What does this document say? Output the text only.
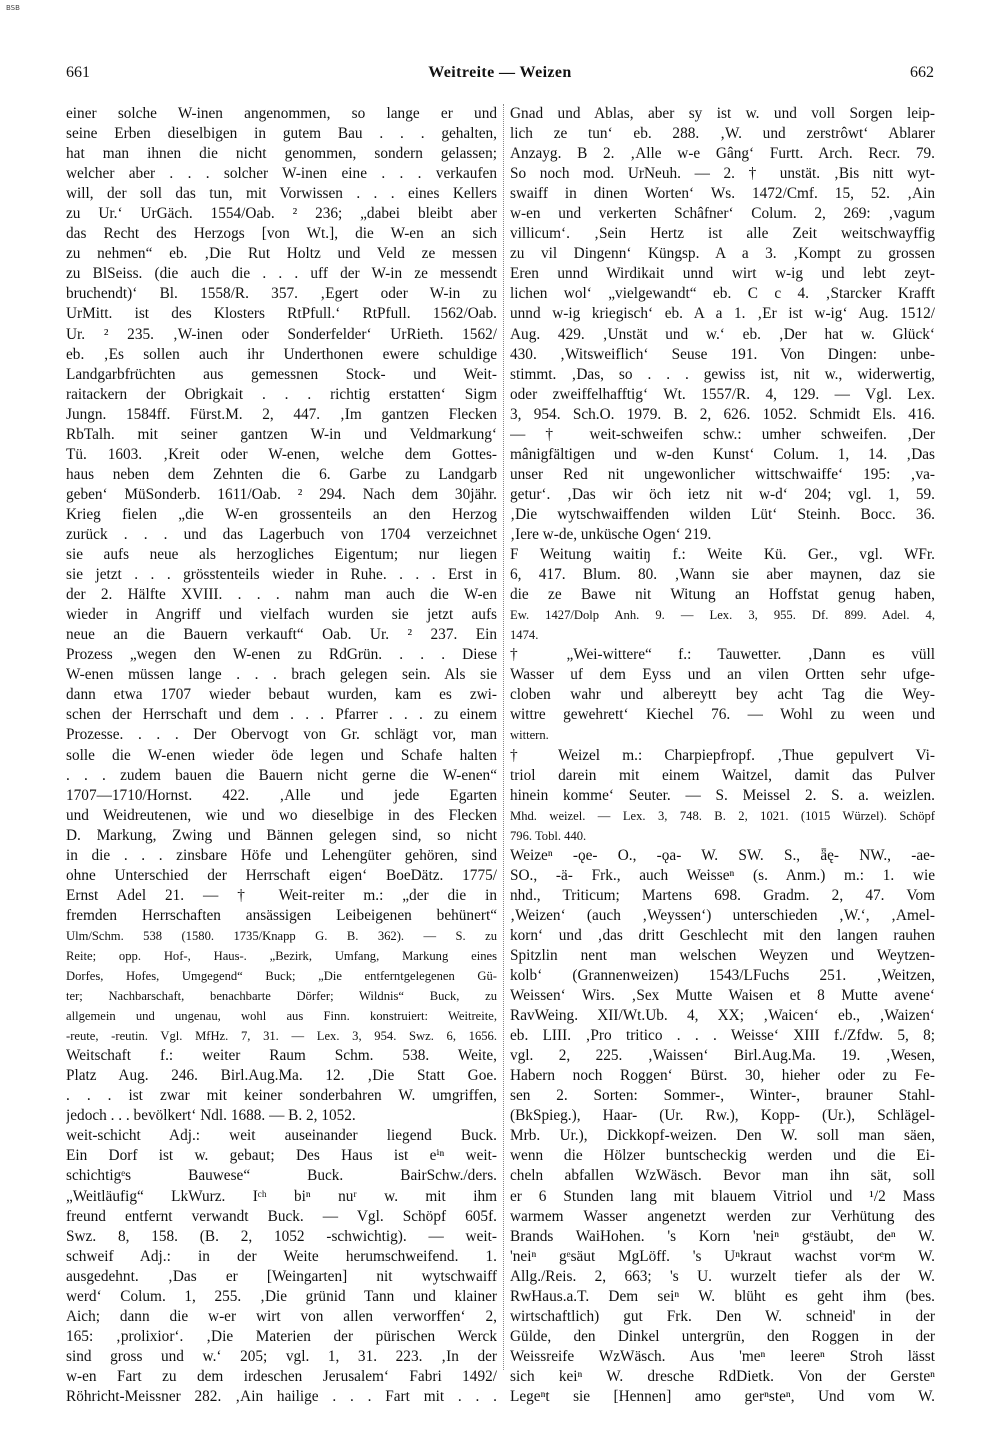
BSB
661	Weitreite — Weizen	662
einer solche W-inen angenommen, so lange er und
seine Erben dieselbigen in gutem Bau . . . gehalten,
hat man ihnen die nicht genommen, sondern gelassen;
welcher aber . . . solcher W-inen eine . . . verkaufen
will, der soll das tun, mit Vorwissen . . . eines Kellers
zu Ur.‘ UrGäch. 1554/Oab. ² 236; „dabei bleibt aber
das Recht des Herzogs [von Wt.], die W-en an sich
zu nehmen“ eb. ‚Die Rut Holtz und Veld ze messen
zu BlSeiss. (die auch die . . . uff der W-in ze messendt
bruchendt)‘ Bl. 1558/R. 357. ‚Egert oder W-in zu
UrMitt. ist des Klosters RtPfull.‘ RtPfull. 1562/Oab.
Ur. ² 235. ‚W-inen oder Sonderfelder‘ UrRieth. 1562/
eb. ‚Es sollen auch ihr Underthonen ewere schuldige
Landgarbfrüchten aus gemessnen Stock- und Weit-
raitackern der Obrigkait . . . richtig erstatten‘ Sigm
Jungn. 1584ff. Fürst.M. 2, 447. ‚Im gantzen Flecken
RbTalh. mit seiner gantzen W-in und Veldmarkung‘
Tü. 1603. ‚Kreit oder W-enen, welche dem Gottes-
haus neben dem Zehnten die 6. Garbe zu Landgarb
geben‘ MüSonderb. 1611/Oab. ² 294. Nach dem 30jähr.
Krieg fielen „die W-en grossenteils an den Herzog
zurück . . . und das Lagerbuch von 1704 verzeichnet
sie aufs neue als herzogliches Eigentum; nur liegen
sie jetzt . . . grösstenteils wieder in Ruhe. . . . Erst in
der 2. Hälfte XVIII. . . . nahm man auch die W-en
wieder in Angriff und vielfach wurden sie jetzt aufs
neue an die Bauern verkauft“ Oab. Ur. ² 237. Ein
Prozess „wegen den W-enen zu RdGrün. . . . Diese
W-enen müssen lange . . . brach gelegen sein. Als sie
dann etwa 1707 wieder bebaut wurden, kam es zwi-
schen der Herrschaft und dem . . . Pfarrer . . . zu einem
Prozesse. . . . Der Obervogt von Gr. schlägt vor, man
solle die W-enen wieder öde legen und Schafe halten
. . . zudem bauen die Bauern nicht gerne die W-enen“
1707—1710/Hornst. 422. ‚Alle und jede Egarten
und Weidreutenen, wie und wo dieselbige in des Flecken
D. Markung, Zwing und Bännen gelegen sind, so nicht
in die . . . zinsbare Höfe und Lehengüter gehören, sind
ohne Unterschied der Herrschaft eigen‘ BoeDätz. 1775/
Ernst Adel 21. — † Weit-reiter m.: „der die in
fremden Herrschaften ansässigen Leibeigenen behünert“
Ulm/Schm. 538 (1580. 1735/Knapp G. B. 362). — S. zu
Reite; opp. Hof-, Haus-. „Bezirk, Umfang, Markung eines
Dorfes, Hofes, Umgegend“ Buck; „Die entferntgelegenen Gü-
ter; Nachbarschaft, benachbarte Dörfer; Wildnis“ Buck, zu
allgemein und ungenau, wohl aus Finn. konstruiert: Weitreite,
-reute, -reutin. Vgl. MfHz. 7, 31. — Lex. 3, 954. Swz. 6, 1656.
Weitschaft f.: weiter Raum Schm. 538. Weite,
Platz Aug. 246. Birl.Aug.Ma. 12. ‚Die Statt Goe.
. . . ist zwar mit keiner sonderbahren W. umgriffen,
jedoch . . . bevölkert‘ Ndl. 1688. — B. 2, 1052.
weit-schicht Adj.: weit auseinander liegend Buck.
Ein Dorf ist w. gebaut; Des Haus ist eⁱⁿ weit-
schichtigᵉs Bauwese“ Buck. BairSchw./ders.
„Weitläufig“ LkWurz. Iᶜʰ biⁿ nuʳ w. mit ihm
freund entfernt verwandt Buck. — Vgl. Schöpf 605f.
Swz. 8, 158. (B. 2, 1052 -schwichtig). — weit-
schweif Adj.: in der Weite herumschweifend. 1.
ausgedehnt. ‚Das er [Weingarten] nit wytschwaiff
werd‘ Colum. 1, 255. ‚Die grünid Tann und klainer
Aich; dann die w-er wirt von allen verworffen‘ 2,
165: ‚prolixior‘. ‚Die Materien der pürischen Werck
sind gross und w.‘ 205; vgl. 1, 31. 223. ‚In der
w-en Fart zu dem irdeschen Jerusalem‘ Fabri 1492/
Röhricht-Meissner 282. ‚Ain hailige . . . Fart mit . . .
Gnad und Ablas, aber sy ist w. und voll Sorgen leip-
lich ze tun‘ eb. 288. ‚W. und zerstrôwt‘ Ablarer
Anzayg. B 2. ‚Alle w-e Gâng‘ Furtt. Arch. Recr. 79.
So noch mod. UrNeuh. — 2. † unstät. ‚Bis nitt wyt-
swaiff in dinen Worten‘ Ws. 1472/Cmf. 15, 52. ‚Ain
w-en und verkerten Schâfner‘ Colum. 2, 269: ‚vagum
villicum‘. ‚Sein Hertz ist alle Zeit weitschwayffig
zu vil Dingenn‘ Küngsp. A a 3. ‚Kompt zu grossen
Eren unnd Wirdikait unnd wirt w-ig und lebt zeyt-
lichen wol‘ „vielgewandt“ eb. C c 4. ‚Starcker Krafft
unnd w-ig kriegisch‘ eb. A a 1. ‚Er ist w-ig‘ Aug. 1512/
Aug. 429. ‚Unstät und w.‘ eb. ‚Der hat w. Glück‘
430. ‚Witsweiflich‘ Seuse 191. Von Dingen: unbe-
stimmt. ‚Das, so . . . gewiss ist, nit w., widerwertig,
oder zweiffelhafftig‘ Wt. 1557/R. 4, 129. — Vgl. Lex.
3, 954. Sch.O. 1979. B. 2, 626. 1052. Schmidt Els. 416.
— † weit-schweifen schw.: umher schweifen. ‚Der
mânigfältigen und w-den Kunst‘ Colum. 1, 14. ‚Das
unser Red nit ungewonlicher wittschwaiffe‘ 195: ‚va-
getur‘. ‚Das wir öch ietz nit w-d‘ 204; vgl. 1, 59.
‚Die wytschwaiffenden wilden Lüt‘ Steinh. Bocc. 36.
‚Iere w-de, unküsche Ogen‘ 219.
F Weitung waitiŋ f.: Weite Kü. Ger., vgl. WFr.
6, 417. Blum. 80. ‚Wann sie aber maynen, daz sie
die ze Bawe nit Witung an Hoffstat genug haben,
Ew. 1427/Dolp Anh. 9. — Lex. 3, 955. Df. 899. Adel. 4,
1474.
† „Wei-wittere“ f.: Tauwetter. ‚Dann es vüll
Wasser uf dem Eyss und an vilen Ortten sehr ufge-
cloben wahr und albereytt bey acht Tag die Wey-
wittre gewehrett‘ Kiechel 76. — Wohl zu ween und
wittern.
† Weizel m.: Charpiepfropf. ‚Thue gepulvert Vi-
triol darein mit einem Waitzel, damit das Pulver
hinein komme‘ Seuter. — S. Meissel 2. S. a. weizlen.
Mhd. weizel. — Lex. 3, 748. B. 2, 1021. (1015 Würzel). Schöpf
796. Tobl. 440.
Weizeⁿ -ǫe- O., -ǫa- W. SW. S., ǟę- NW., -ae-
SO., -ä- Frk., auch Weisseⁿ (s. Anm.) m.: 1. wie
nhd., Triticum; Martens 698. Gradm. 2, 47. Vom
‚Weizen‘ (auch ‚Weyssen‘) unterschieden ‚W.‘, ‚Amel-
korn‘ und ‚das dritt Geschlecht mit den langen rauhen
Spitzlin nent man welschen Weyzen und Weytzen-
kolb‘ (Grannenweizen) 1543/LFuchs 251. ‚Weitzen,
Weissen‘ Wirs. ‚Sex Mutte Waisen et 8 Mutte avene‘
RavWeing. XII/Wt.Ub. 4, XX; ‚Waicen‘ eb., ‚Waizen‘
eb. LIII. ‚Pro tritico . . . Weisse‘ XIII f./Zfdw. 5, 8;
vgl. 2, 225. ‚Waissen‘ Birl.Aug.Ma. 19. ‚Wesen,
Habern noch Roggen‘ Bürst. 30, hieher oder zu Fe-
sen 2. Sorten: Sommer-, Winter-, brauner Stahl-
(BkSpieg.), Haar- (Ur. Rw.), Kopp- (Ur.), Schlägel-
Mrb. Ur.), Dickkopf-weizen. Den W. soll man säen,
wenn die Hölzer buntscheckig werden und die Ei-
cheln abfallen WzWäsch. Bevor man ihn sät, soll
er 6 Stunden lang mit blauem Vitriol und ¹/2 Mass
warmem Wasser angenetzt werden zur Verhütung des
Brands WaiHohen. 's Korn 'neiⁿ gᵉstäubt, deⁿ W.
'neiⁿ gᵉsäut MgLöff. 's Uⁿkraut wachst vorᵉm W.
Allg./Reis. 2, 663; 's U. wurzelt tiefer als der W.
RwHaus.a.T. Dem seiⁿ W. blüht es geht ihm (bes.
wirtschaftlich) gut Frk. Den W. schneid' in der
Gülde, den Dinkel untergrün, den Roggen in der
Weissreife WzWäsch. Aus 'meⁿ leereⁿ Stroh lässt
sich keiⁿ W. dresche RdDietk. Von der Gersteⁿ
Legeⁿt sie [Hennen] amo gerⁿsteⁿ, Und vom W.
